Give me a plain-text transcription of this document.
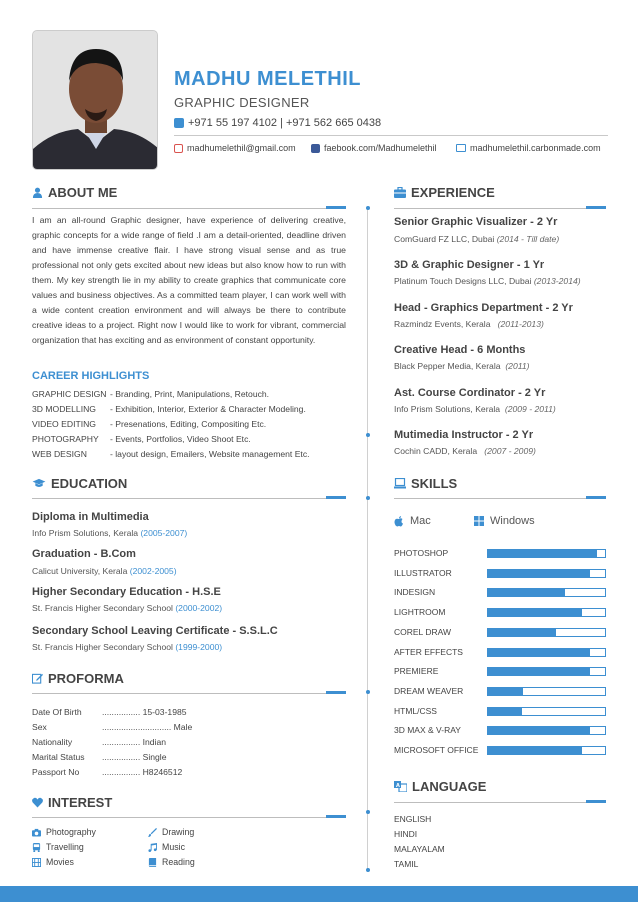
MADHU MELETHIL
GRAPHIC DESIGNER
+971 55 197 4102 | +971 562 665 0438
madhumelethil@gmail.com	faebook.com/Madhumelethil	madhumelethil.carbonmade.com
ABOUT ME
I am an all-round Graphic designer, have experience of delivering creative, graphic concepts for a wide range of field .I am a detail-oriented, deadline driven and have immense creative flair. I have strong visual sense and as true professional not only gets excited about new ideas but also know how to run with them. My key strength lie in my ability to create graphics that communicate core values and business objectives. As a committed team player, I can work well with a wide content creation environment and will always be there to contribute creative ideas to a project. Right now I would like to work for vibrant, commercial organization that has exciting and as environment of constant opportunity.
CAREER HIGHLIGHTS
GRAPHIC DESIGN - Branding, Print, Manipulations, Retouch.
3D MODELLING	- Exhibition, Interior, Exterior & Character Modeling.
VIDEO EDITING	- Presenations, Editing, Compositing Etc.
PHOTOGRAPHY	- Events, Portfolios, Video Shoot Etc.
WEB DESIGN	- layout design, Emailers, Website management Etc.
EDUCATION
Diploma in Multimedia
Info Prism Solutions, Kerala (2005-2007)
Graduation - B.Com
Calicut University, Kerala (2002-2005)
Higher Secondary Education - H.S.E
St. Francis Higher Secondary School (2000-2002)
Secondary School Leaving Certificate - S.S.L.C
St. Francis Higher Secondary School (1999-2000)
PROFORMA
Date Of Birth	................ 15-03-1985
Sex	............................. Male
Nationality	................ Indian
Marital Status	................ Single
Passport No	................ H8246512
INTEREST
Photography	Drawing
Travelling	Music
Movies	Reading
EXPERIENCE
Senior Graphic Visualizer - 2 Yr
ComGuard FZ LLC, Dubai (2014 - Till date)
3D & Graphic Designer - 1 Yr
Platinum Touch Designs LLC, Dubai (2013-2014)
Head - Graphics Department - 2 Yr
Razmindz Events, Kerala (2011-2013)
Creative Head - 6 Months
Black Pepper Media, Kerala (2011)
Ast. Course Cordinator - 2 Yr
Info Prism Solutions, Kerala (2009 - 2011)
Mutimedia Instructor - 2 Yr
Cochin CADD, Kerala (2007 - 2009)
SKILLS
Mac	Windows
PHOTOSHOP
ILLUSTRATOR
INDESIGN
LIGHTROOM
COREL DRAW
AFTER EFFECTS
PREMIERE
DREAM WEAVER
HTML/CSS
3D MAX & V-RAY
MICROSOFT OFFICE
A LANGUAGE
ENGLISH
HINDI
MALAYALAM
TAMIL
